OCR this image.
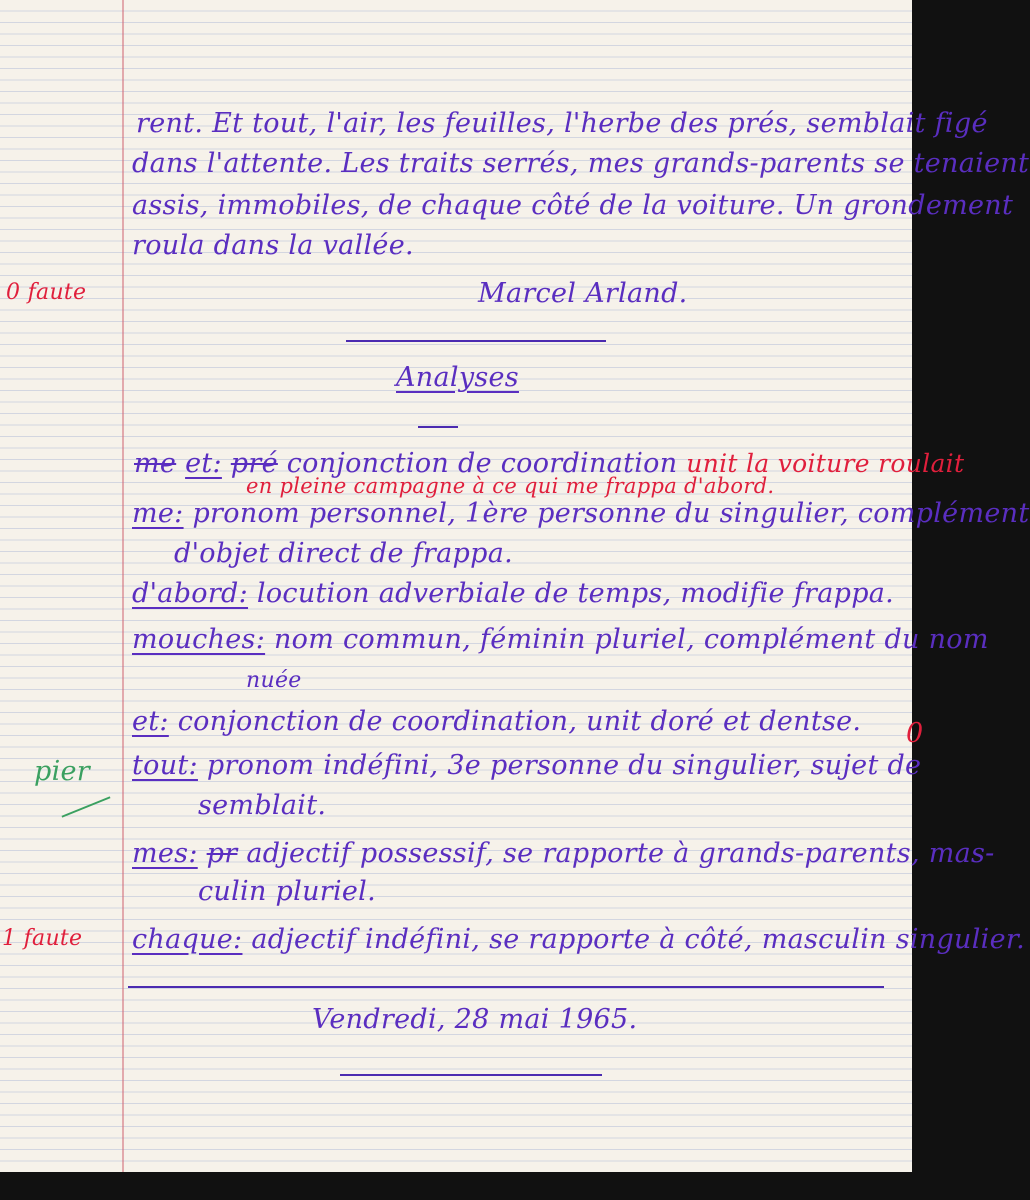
rent. Et tout, l'air, les feuilles, l'herbe des prés, semblait figé
dans l'attente. Les traits serrés, mes grands-parents se tenaient
assis, immobiles, de chaque côté de la voiture. Un grondement
roula dans la vallée.
0 faute	Marcel Arland.
Analyses
me et: pré conjonction de coordination unit la voiture roulait
en pleine campagne à ce qui me frappa d'abord.
me: pronom personnel, 1ère personne du singulier, complément
d'objet direct de frappa.
d'abord: locution adverbiale de temps, modifie frappa.
mouches: nom commun, féminin pluriel, complément du nom
nuée
et: conjonction de coordination, unit doré et dentse. 0
pier tout: pronom indéfini, 3e personne du singulier, sujet de
semblait.
mes: pr adjectif possessif, se rapporte à grands-parents, mas-
culin pluriel.
1 faute chaque: adjectif indéfini, se rapporte à côté, masculin singulier.
Vendredi, 28 mai 1965.
